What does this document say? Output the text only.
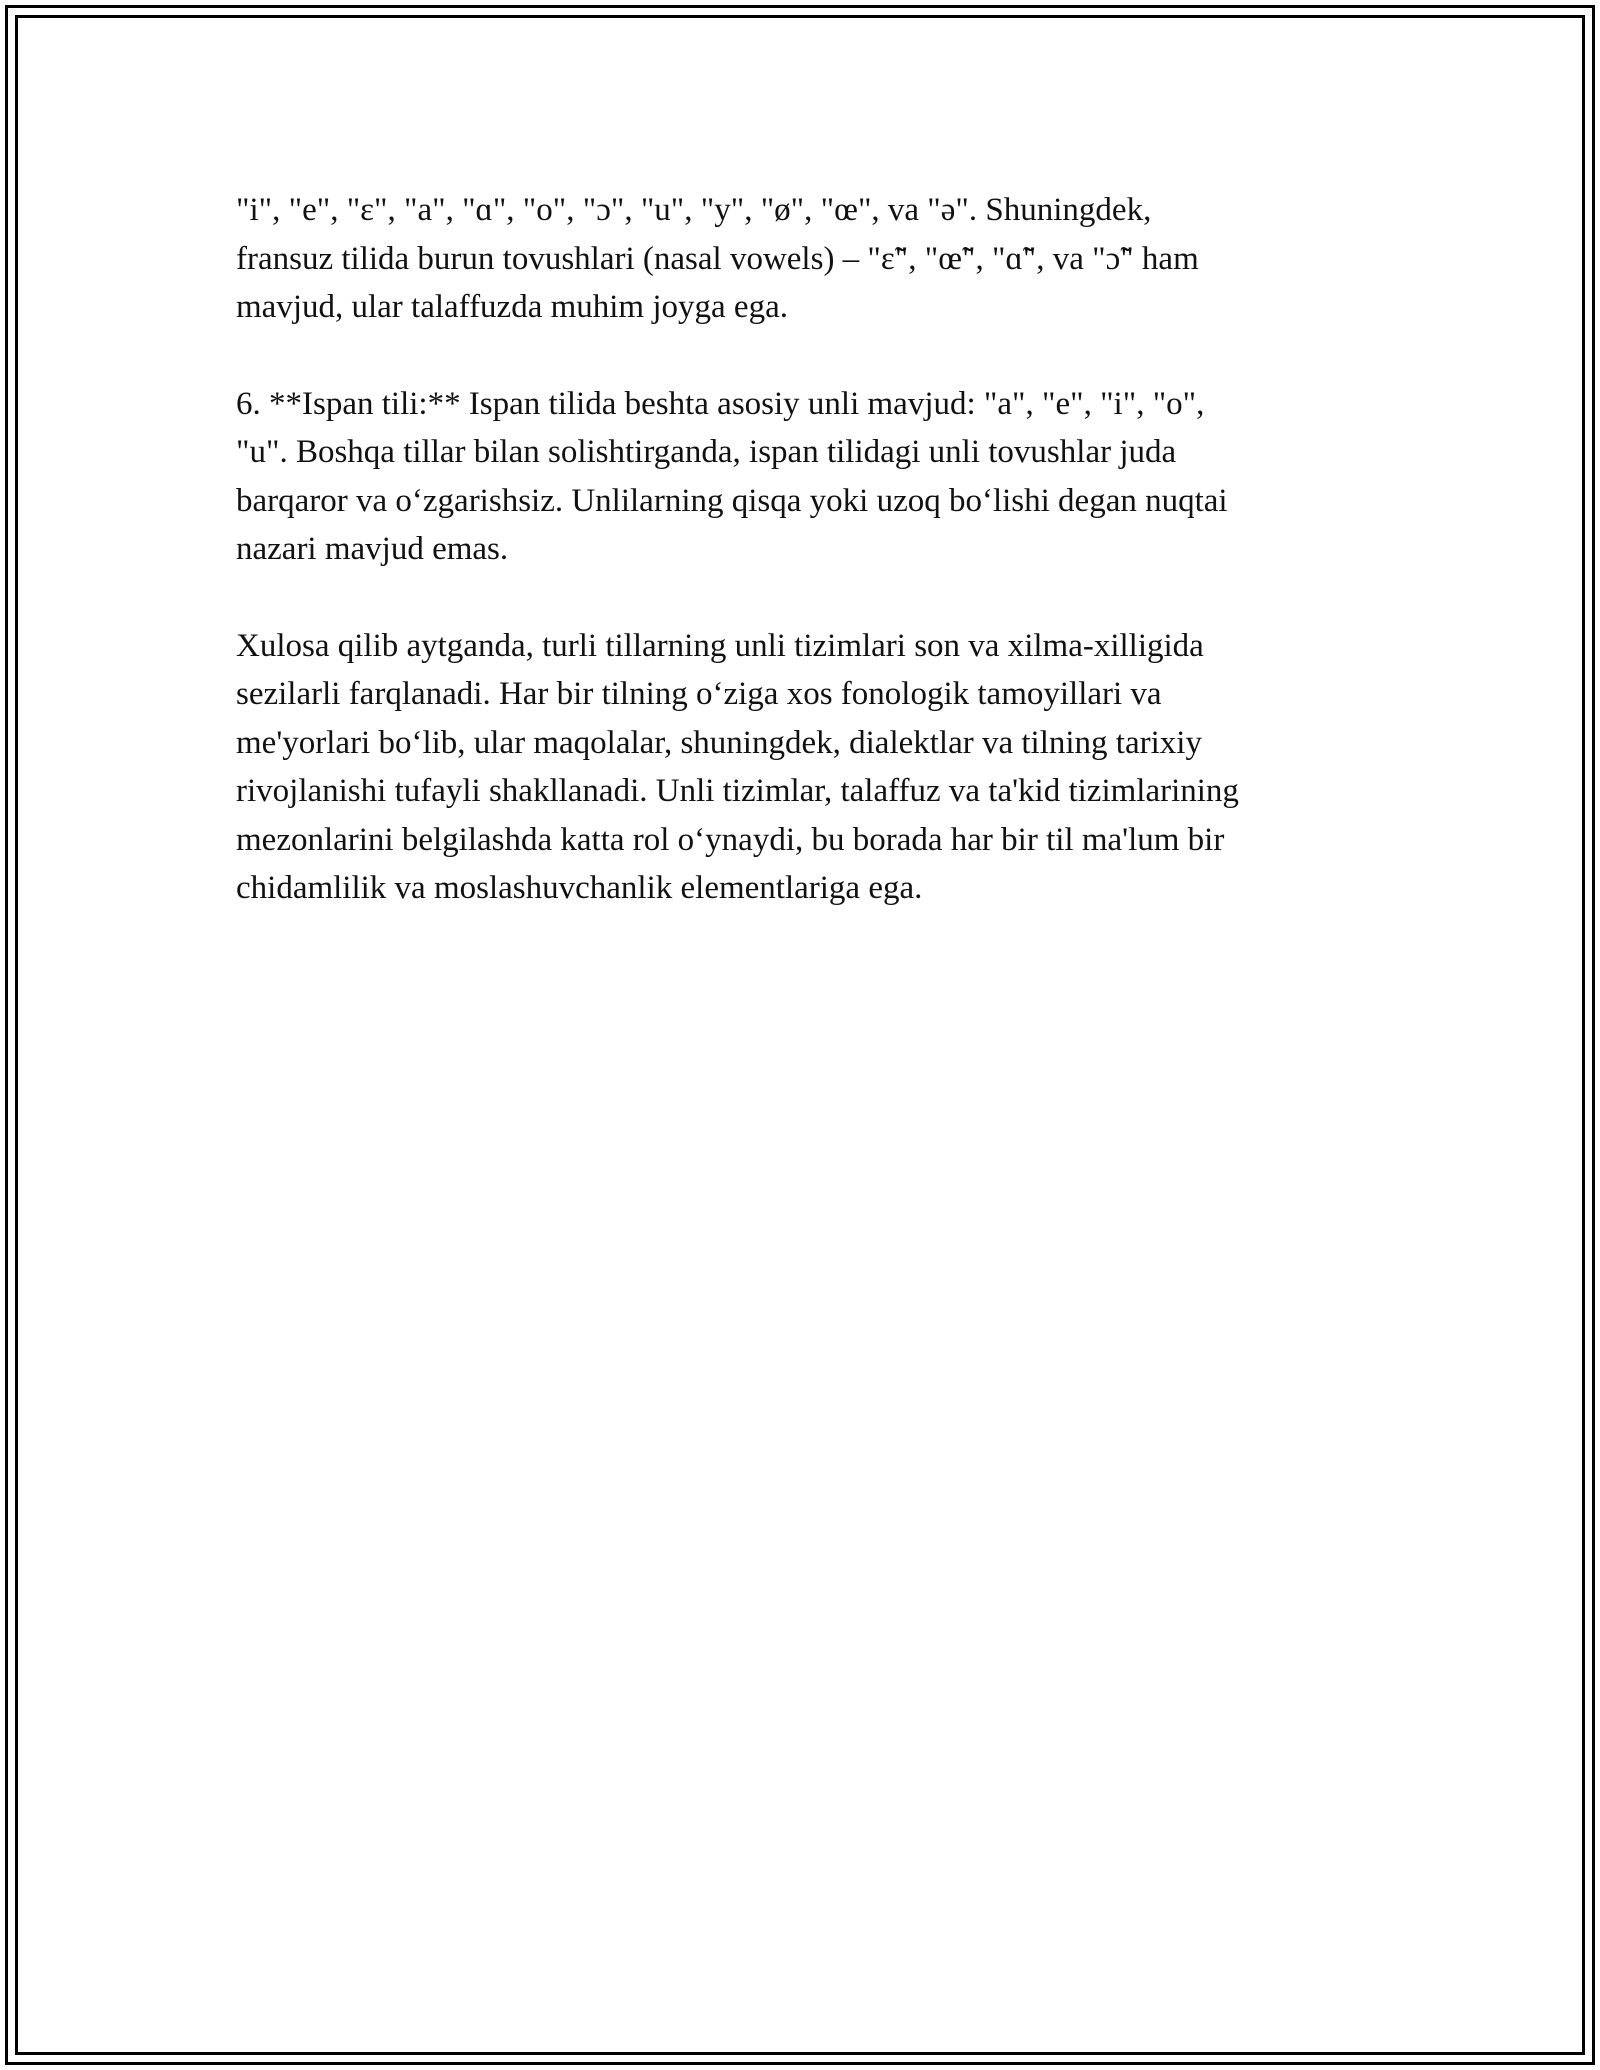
"i", "e", "ɛ", "a", "ɑ", "o", "ɔ", "u", "y", "ø", "œ", va "ə". Shuningdek,
fransuz tilida burun tovushlari (nasal vowels) – "ɛ̃", "œ̃", "ɑ̃", va "ɔ̃" ham
mavjud, ular talaffuzda muhim joyga ega.

6. **Ispan tili:** Ispan tilida beshta asosiy unli mavjud: "a", "e", "i", "o",
"u". Boshqa tillar bilan solishtirganda, ispan tilidagi unli tovushlar juda
barqaror va o‘zgarishsiz. Unlilarning qisqa yoki uzoq bo‘lishi degan nuqtai
nazari mavjud emas.

Xulosa qilib aytganda, turli tillarning unli tizimlari son va xilma-xilligida
sezilarli farqlanadi. Har bir tilning o‘ziga xos fonologik tamoyillari va
me'yorlari bo‘lib, ular maqolalar, shuningdek, dialektlar va tilning tarixiy
rivojlanishi tufayli shakllanadi. Unli tizimlar, talaffuz va ta'kid tizimlarining
mezonlarini belgilashda katta rol o‘ynaydi, bu borada har bir til ma'lum bir
chidamlilik va moslashuvchanlik elementlariga ega.
